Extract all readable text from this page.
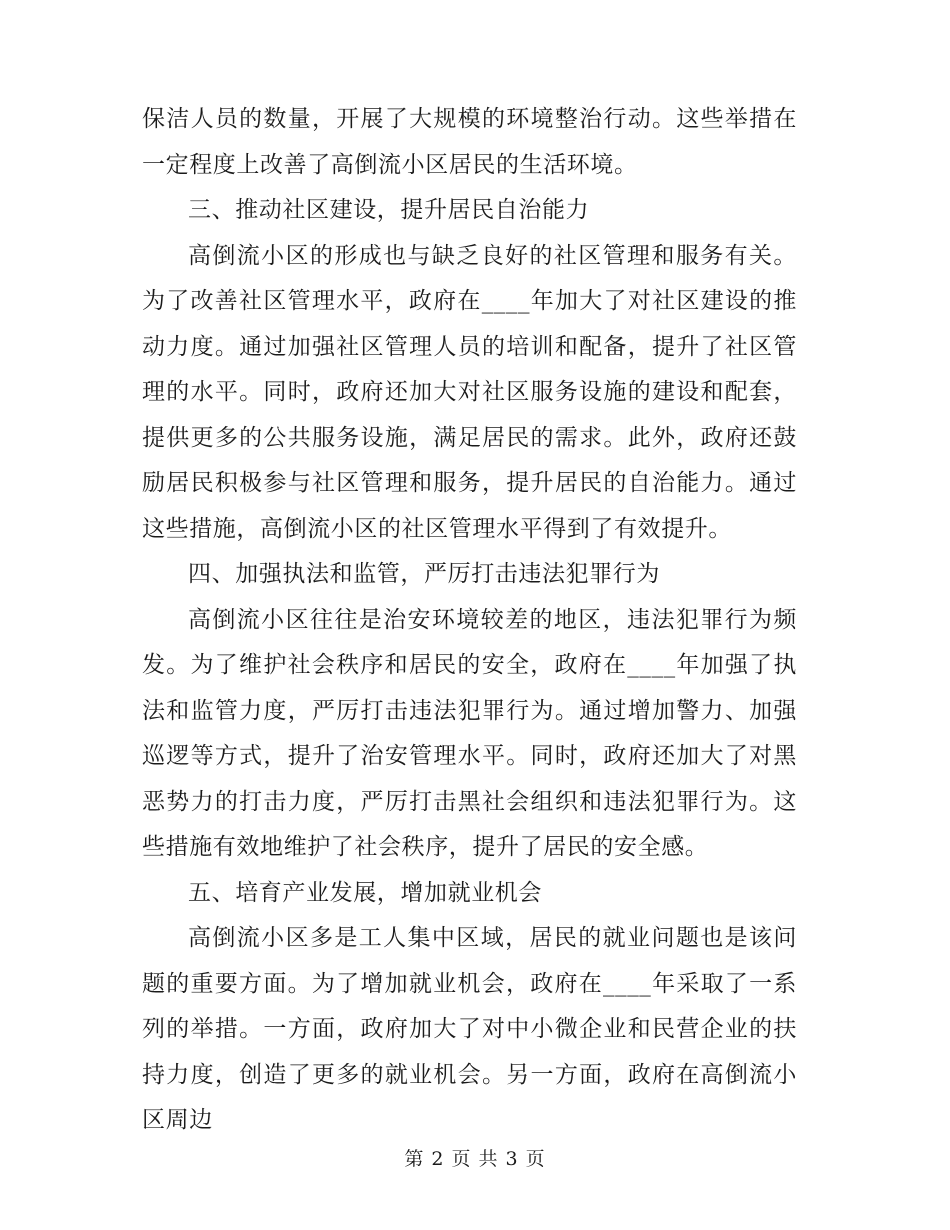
保洁人员的数量，开展了大规模的环境整治行动。这些举措在一定程度上改善了高倒流小区居民的生活环境。

三、推动社区建设，提升居民自治能力

高倒流小区的形成也与缺乏良好的社区管理和服务有关。为了改善社区管理水平，政府在____年加大了对社区建设的推动力度。通过加强社区管理人员的培训和配备，提升了社区管理的水平。同时，政府还加大对社区服务设施的建设和配套，提供更多的公共服务设施，满足居民的需求。此外，政府还鼓励居民积极参与社区管理和服务，提升居民的自治能力。通过这些措施，高倒流小区的社区管理水平得到了有效提升。

四、加强执法和监管，严厉打击违法犯罪行为

高倒流小区往往是治安环境较差的地区，违法犯罪行为频发。为了维护社会秩序和居民的安全，政府在____年加强了执法和监管力度，严厉打击违法犯罪行为。通过增加警力、加强巡逻等方式，提升了治安管理水平。同时，政府还加大了对黑恶势力的打击力度，严厉打击黑社会组织和违法犯罪行为。这些措施有效地维护了社会秩序，提升了居民的安全感。

五、培育产业发展，增加就业机会

高倒流小区多是工人集中区域，居民的就业问题也是该问题的重要方面。为了增加就业机会，政府在____年采取了一系列的举措。一方面，政府加大了对中小微企业和民营企业的扶持力度，创造了更多的就业机会。另一方面，政府在高倒流小区周边

第 2 页 共 3 页
